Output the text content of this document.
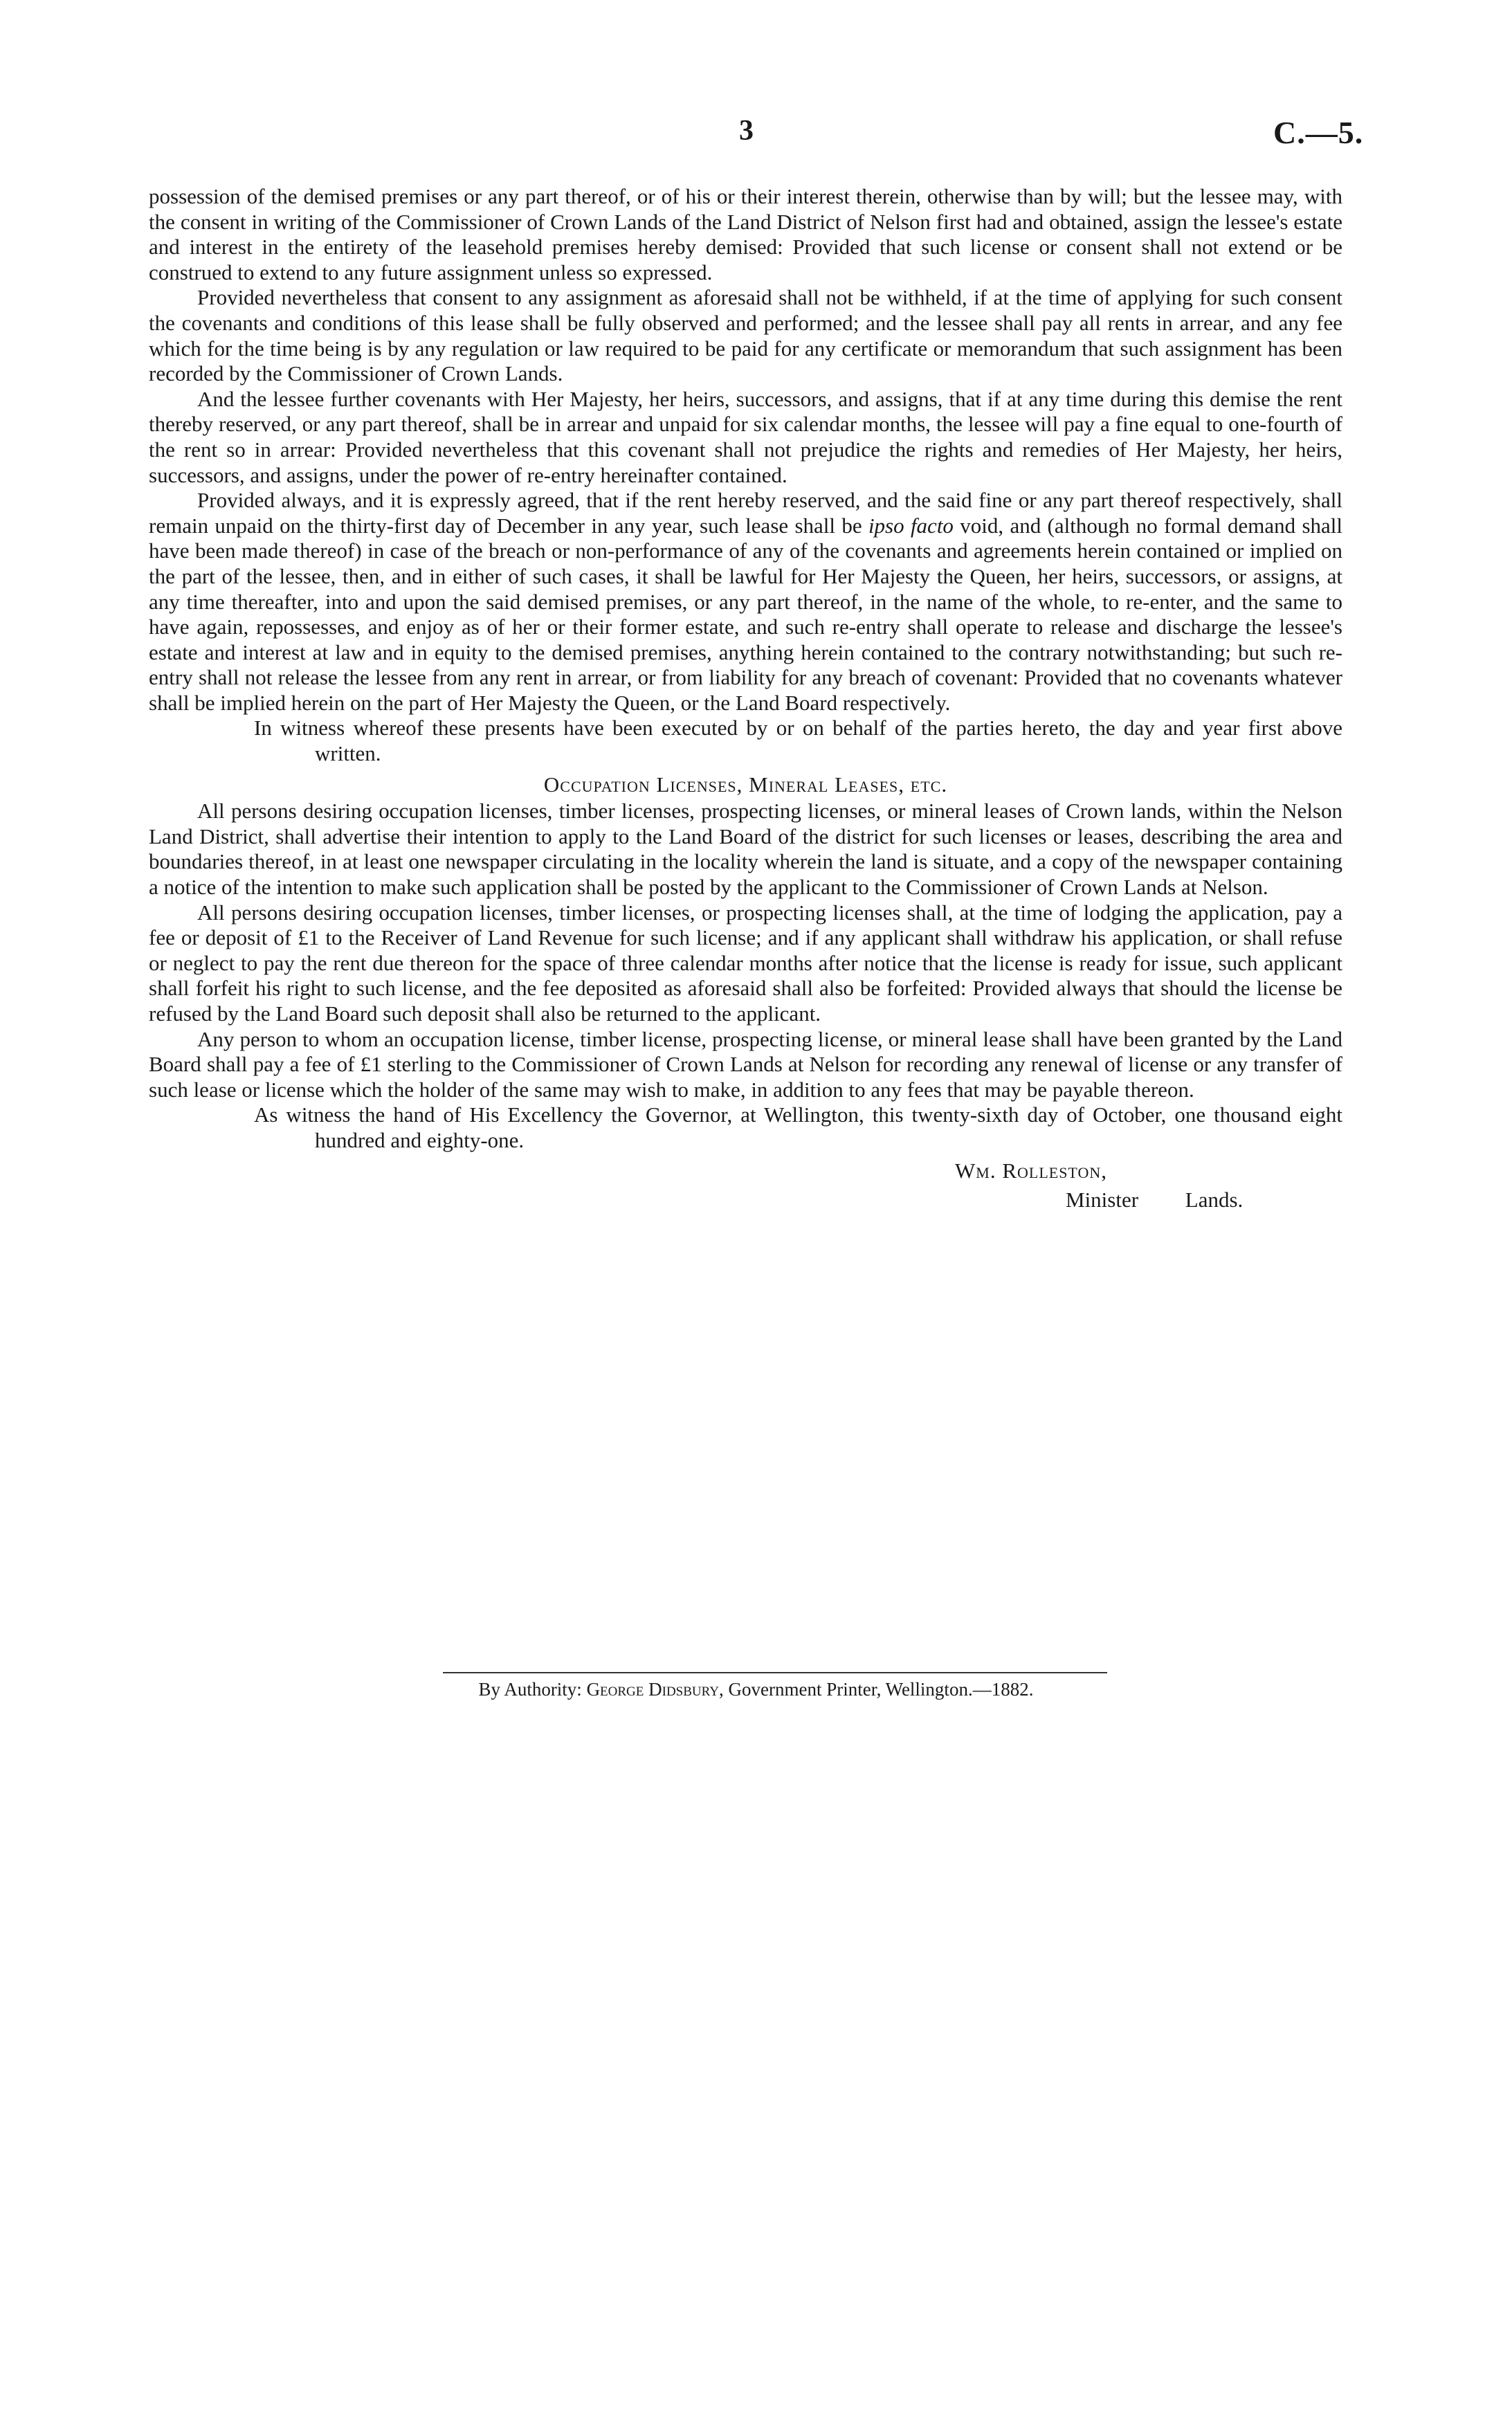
3	C.—5.

possession of the demised premises or any part thereof, or of his or their interest therein, otherwise than by will; but the lessee may, with the consent in writing of the Commissioner of Crown Lands of the Land District of Nelson first had and obtained, assign the lessee's estate and interest in the entirety of the leasehold premises hereby demised: Provided that such license or consent shall not extend or be construed to extend to any future assignment unless so expressed.

Provided nevertheless that consent to any assignment as aforesaid shall not be withheld, if at the time of applying for such consent the covenants and conditions of this lease shall be fully observed and performed; and the lessee shall pay all rents in arrear, and any fee which for the time being is by any regulation or law required to be paid for any certificate or memorandum that such assignment has been recorded by the Commissioner of Crown Lands.

And the lessee further covenants with Her Majesty, her heirs, successors, and assigns, that if at any time during this demise the rent thereby reserved, or any part thereof, shall be in arrear and unpaid for six calendar months, the lessee will pay a fine equal to one-fourth of the rent so in arrear: Provided nevertheless that this covenant shall not prejudice the rights and remedies of Her Majesty, her heirs, successors, and assigns, under the power of re-entry hereinafter contained.

Provided always, and it is expressly agreed, that if the rent hereby reserved, and the said fine or any part thereof respectively, shall remain unpaid on the thirty-first day of December in any year, such lease shall be ipso facto void, and (although no formal demand shall have been made thereof) in case of the breach or non-performance of any of the covenants and agreements herein contained or implied on the part of the lessee, then, and in either of such cases, it shall be lawful for Her Majesty the Queen, her heirs, successors, or assigns, at any time thereafter, into and upon the said demised premises, or any part thereof, in the name of the whole, to re-enter, and the same to have again, repossesses, and enjoy as of her or their former estate, and such re-entry shall operate to release and discharge the lessee's estate and interest at law and in equity to the demised premises, anything herein contained to the contrary notwithstanding; but such re-entry shall not release the lessee from any rent in arrear, or from liability for any breach of covenant: Provided that no covenants whatever shall be implied herein on the part of Her Majesty the Queen, or the Land Board respectively.

In witness whereof these presents have been executed by or on behalf of the parties hereto, the day and year first above written.

Occupation Licenses, Mineral Leases, etc.

All persons desiring occupation licenses, timber licenses, prospecting licenses, or mineral leases of Crown lands, within the Nelson Land District, shall advertise their intention to apply to the Land Board of the district for such licenses or leases, describing the area and boundaries thereof, in at least one newspaper circulating in the locality wherein the land is situate, and a copy of the newspaper containing a notice of the intention to make such application shall be posted by the applicant to the Commissioner of Crown Lands at Nelson.

All persons desiring occupation licenses, timber licenses, or prospecting licenses shall, at the time of lodging the application, pay a fee or deposit of £1 to the Receiver of Land Revenue for such license; and if any applicant shall withdraw his application, or shall refuse or neglect to pay the rent due thereon for the space of three calendar months after notice that the license is ready for issue, such applicant shall forfeit his right to such license, and the fee deposited as aforesaid shall also be forfeited: Provided always that should the license be refused by the Land Board such deposit shall also be returned to the applicant.

Any person to whom an occupation license, timber license, prospecting license, or mineral lease shall have been granted by the Land Board shall pay a fee of £1 sterling to the Commissioner of Crown Lands at Nelson for recording any renewal of license or any transfer of such lease or license which the holder of the same may wish to make, in addition to any fees that may be payable thereon.

As witness the hand of His Excellency the Governor, at Wellington, this twenty-sixth day of October, one thousand eight hundred and eighty-one.

Wm. Rolleston,
Minister Lands.
By Authority: George Didsbury, Government Printer, Wellington.—1882.
